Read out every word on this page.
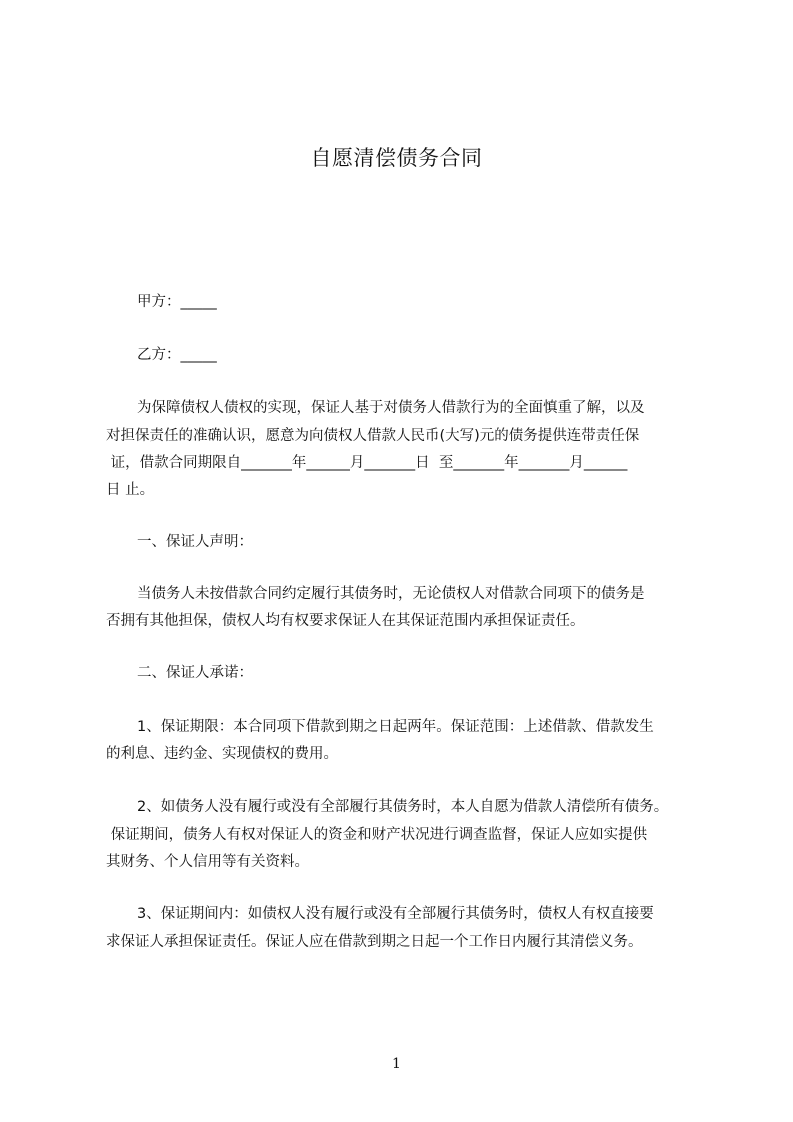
自愿清偿债务合同
甲方：_____
乙方：_____
为保障债权人债权的实现，保证人基于对债务人借款行为的全面慎重了解，以及
对担保责任的准确认识，愿意为向债权人借款人民币(大写)元的债务提供连带责任保
证，借款合同期限自_______年______月_______日  至_______年_______月______
日 止。
一、保证人声明：
当债务人未按借款合同约定履行其债务时，无论债权人对借款合同项下的债务是
否拥有其他担保，债权人均有权要求保证人在其保证范围内承担保证责任。
二、保证人承诺：
1、保证期限：本合同项下借款到期之日起两年。保证范围：上述借款、借款发生
的利息、违约金、实现债权的费用。
2、如债务人没有履行或没有全部履行其债务时，本人自愿为借款人清偿所有债务。
保证期间，债务人有权对保证人的资金和财产状况进行调查监督，保证人应如实提供
其财务、个人信用等有关资料。
3、保证期间内：如债权人没有履行或没有全部履行其债务时，债权人有权直接要
求保证人承担保证责任。保证人应在借款到期之日起一个工作日内履行其清偿义务。
1
